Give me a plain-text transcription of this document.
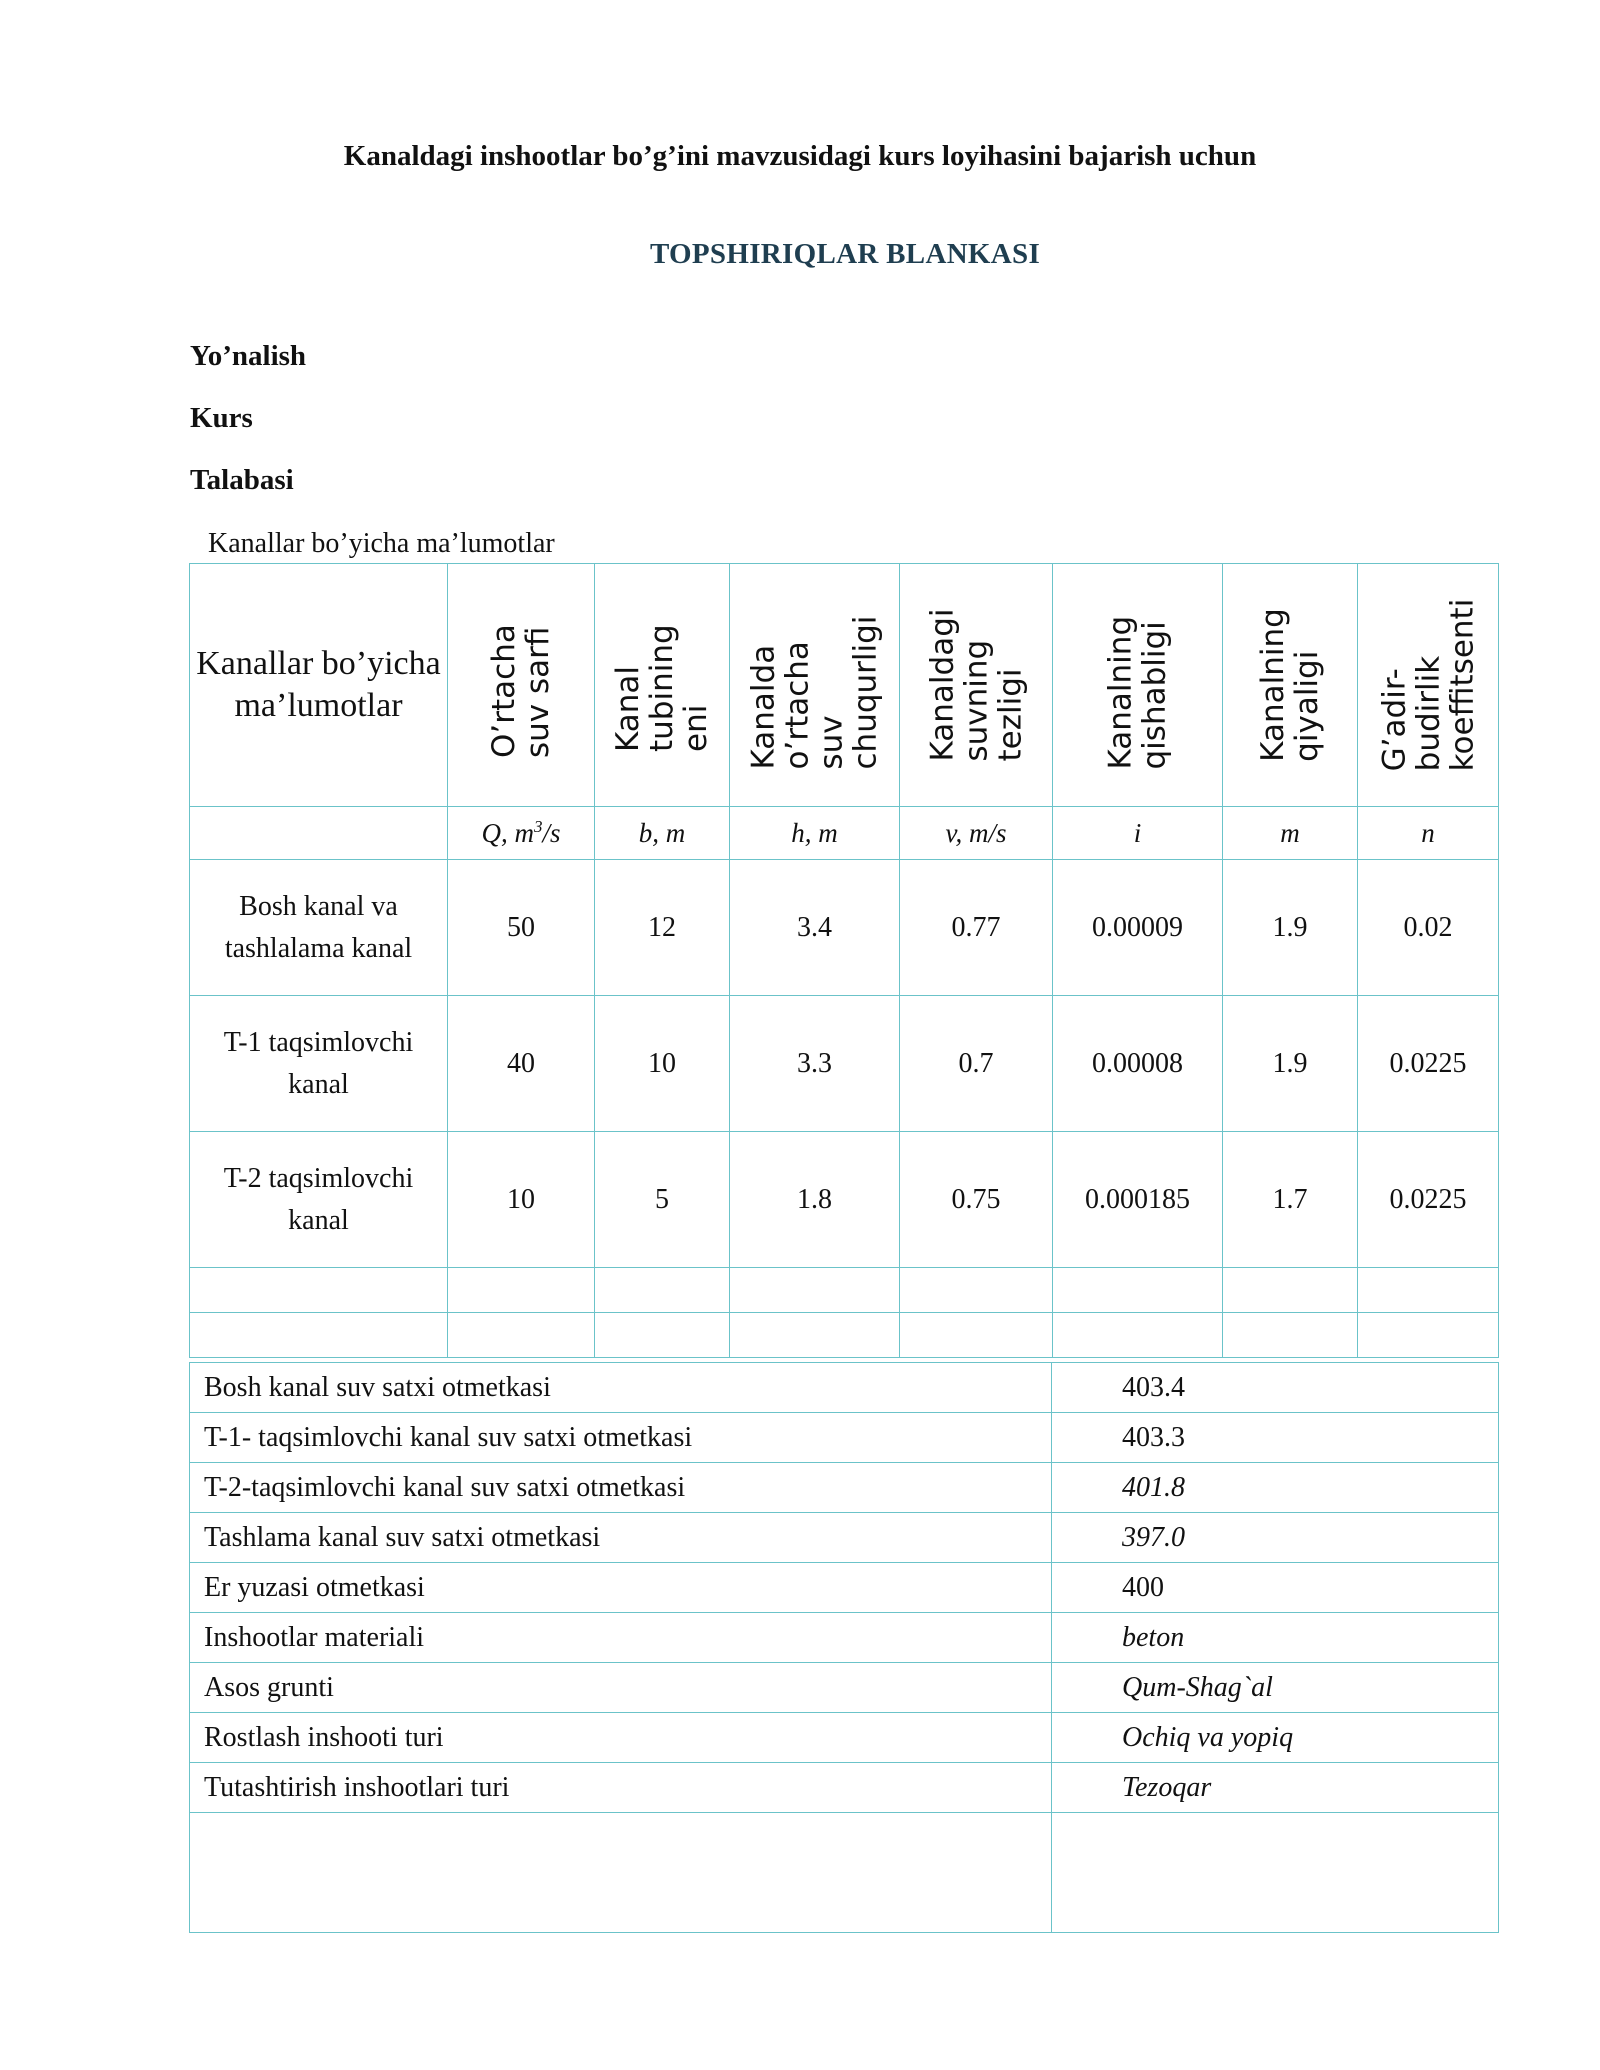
Kanaldagi inshootlar bo’g’ini mavzusidagi kurs loyihasini bajarish uchun
TOPSHIRIQLAR BLANKASI
Yo’nalish
Kurs
Talabasi
Kanallar bo’yicha ma’lumotlar
Kanallar bo’yicha ma’lumotlar	O’rtacha suv sarfi	Kanal tubining eni	Kanalda o’rtacha suv chuqurligi	Kanaldagi suvning tezligi	Kanalning qishabligi	Kanalning qiyaligi	G’adir-budirlik koeffitsenti

	Q, $m^3/s$	b, m	h, m	v, m/s	i	m	n
Bosh kanal va tashlalama kanal	50	12	3.4	0.77	0.00009	1.9	0.02
T-1 taqsimlovchi kanal	40	10	3.3	0.7	0.00008	1.9	0.0225
T-2 taqsimlovchi kanal	10	5	1.8	0.75	0.000185	1.7	0.0225

Bosh kanal suv satxi otmetkasi	403.4
T-1- taqsimlovchi kanal suv satxi otmetkasi	403.3
T-2-taqsimlovchi kanal suv satxi otmetkasi	401.8
Tashlama kanal suv satxi otmetkasi	397.0
Er yuzasi otmetkasi	400
Inshootlar materiali	beton
Asos grunti	Qum-Shag`al
Rostlash inshooti turi	Ochiq va yopiq
Tutashtirish inshootlari turi	Tezoqar
